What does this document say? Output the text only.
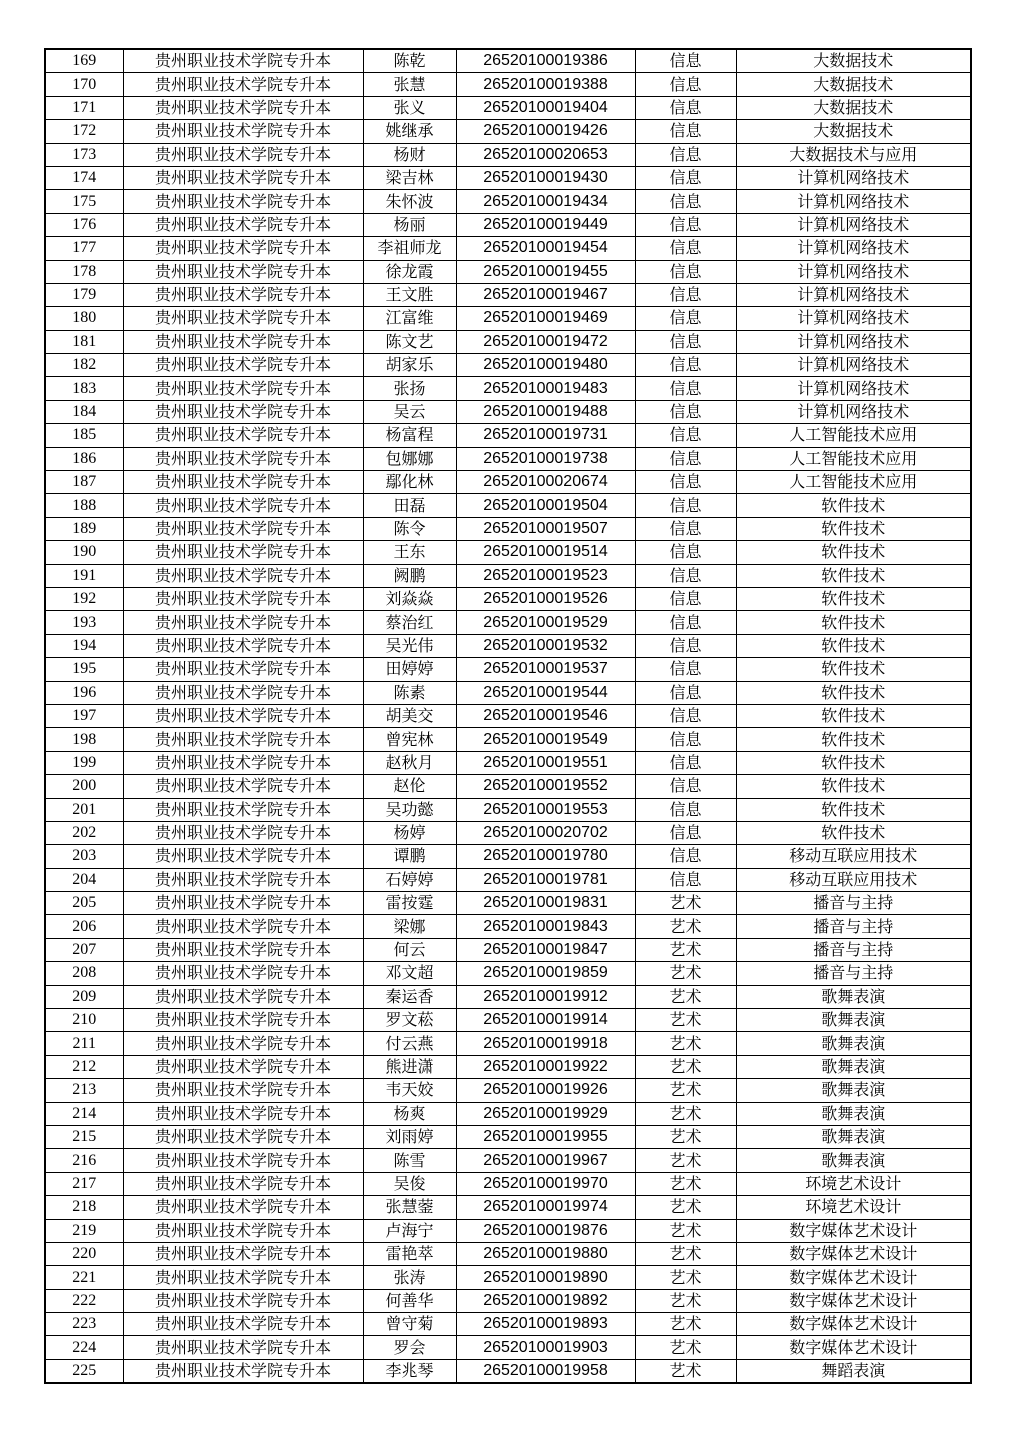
169	贵州职业技术学院专升本	陈乾	26520100019386	信息	大数据技术
170	贵州职业技术学院专升本	张慧	26520100019388	信息	大数据技术
171	贵州职业技术学院专升本	张义	26520100019404	信息	大数据技术
172	贵州职业技术学院专升本	姚继承	26520100019426	信息	大数据技术
173	贵州职业技术学院专升本	杨财	26520100020653	信息	大数据技术与应用
174	贵州职业技术学院专升本	梁吉林	26520100019430	信息	计算机网络技术
175	贵州职业技术学院专升本	朱怀波	26520100019434	信息	计算机网络技术
176	贵州职业技术学院专升本	杨丽	26520100019449	信息	计算机网络技术
177	贵州职业技术学院专升本	李祖师龙	26520100019454	信息	计算机网络技术
178	贵州职业技术学院专升本	徐龙霞	26520100019455	信息	计算机网络技术
179	贵州职业技术学院专升本	王文胜	26520100019467	信息	计算机网络技术
180	贵州职业技术学院专升本	江富维	26520100019469	信息	计算机网络技术
181	贵州职业技术学院专升本	陈文艺	26520100019472	信息	计算机网络技术
182	贵州职业技术学院专升本	胡家乐	26520100019480	信息	计算机网络技术
183	贵州职业技术学院专升本	张扬	26520100019483	信息	计算机网络技术
184	贵州职业技术学院专升本	吴云	26520100019488	信息	计算机网络技术
185	贵州职业技术学院专升本	杨富程	26520100019731	信息	人工智能技术应用
186	贵州职业技术学院专升本	包娜娜	26520100019738	信息	人工智能技术应用
187	贵州职业技术学院专升本	鄢化林	26520100020674	信息	人工智能技术应用
188	贵州职业技术学院专升本	田磊	26520100019504	信息	软件技术
189	贵州职业技术学院专升本	陈令	26520100019507	信息	软件技术
190	贵州职业技术学院专升本	王东	26520100019514	信息	软件技术
191	贵州职业技术学院专升本	阙鹏	26520100019523	信息	软件技术
192	贵州职业技术学院专升本	刘焱焱	26520100019526	信息	软件技术
193	贵州职业技术学院专升本	蔡治红	26520100019529	信息	软件技术
194	贵州职业技术学院专升本	吴光伟	26520100019532	信息	软件技术
195	贵州职业技术学院专升本	田婷婷	26520100019537	信息	软件技术
196	贵州职业技术学院专升本	陈素	26520100019544	信息	软件技术
197	贵州职业技术学院专升本	胡美交	26520100019546	信息	软件技术
198	贵州职业技术学院专升本	曾宪林	26520100019549	信息	软件技术
199	贵州职业技术学院专升本	赵秋月	26520100019551	信息	软件技术
200	贵州职业技术学院专升本	赵伦	26520100019552	信息	软件技术
201	贵州职业技术学院专升本	吴功懿	26520100019553	信息	软件技术
202	贵州职业技术学院专升本	杨婷	26520100020702	信息	软件技术
203	贵州职业技术学院专升本	谭鹏	26520100019780	信息	移动互联应用技术
204	贵州职业技术学院专升本	石婷婷	26520100019781	信息	移动互联应用技术
205	贵州职业技术学院专升本	雷按霆	26520100019831	艺术	播音与主持
206	贵州职业技术学院专升本	梁娜	26520100019843	艺术	播音与主持
207	贵州职业技术学院专升本	何云	26520100019847	艺术	播音与主持
208	贵州职业技术学院专升本	邓文超	26520100019859	艺术	播音与主持
209	贵州职业技术学院专升本	秦运香	26520100019912	艺术	歌舞表演
210	贵州职业技术学院专升本	罗文菘	26520100019914	艺术	歌舞表演
211	贵州职业技术学院专升本	付云燕	26520100019918	艺术	歌舞表演
212	贵州职业技术学院专升本	熊进潇	26520100019922	艺术	歌舞表演
213	贵州职业技术学院专升本	韦天姣	26520100019926	艺术	歌舞表演
214	贵州职业技术学院专升本	杨爽	26520100019929	艺术	歌舞表演
215	贵州职业技术学院专升本	刘雨婷	26520100019955	艺术	歌舞表演
216	贵州职业技术学院专升本	陈雪	26520100019967	艺术	歌舞表演
217	贵州职业技术学院专升本	吴俊	26520100019970	艺术	环境艺术设计
218	贵州职业技术学院专升本	张慧蓥	26520100019974	艺术	环境艺术设计
219	贵州职业技术学院专升本	卢海宁	26520100019876	艺术	数字媒体艺术设计
220	贵州职业技术学院专升本	雷艳萃	26520100019880	艺术	数字媒体艺术设计
221	贵州职业技术学院专升本	张涛	26520100019890	艺术	数字媒体艺术设计
222	贵州职业技术学院专升本	何善华	26520100019892	艺术	数字媒体艺术设计
223	贵州职业技术学院专升本	曾守菊	26520100019893	艺术	数字媒体艺术设计
224	贵州职业技术学院专升本	罗会	26520100019903	艺术	数字媒体艺术设计
225	贵州职业技术学院专升本	李兆琴	26520100019958	艺术	舞蹈表演
